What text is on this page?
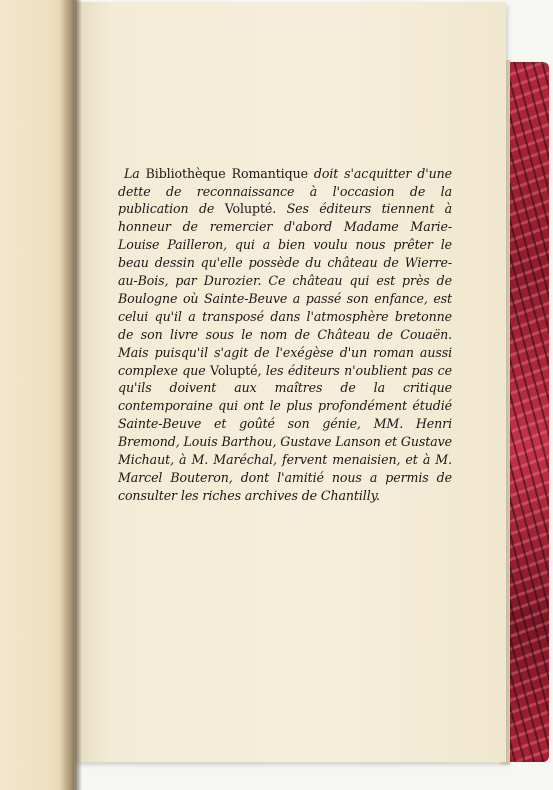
La Bibliothèque Romantique doit s'acquitter d'une dette de reconnaissance à l'occasion de la publication de Volupté. Ses éditeurs tiennent à honneur de remercier d'abord Madame Marie-Louise Pailleron, qui a bien voulu nous prêter le beau dessin qu'elle possède du château de Wierre-au-Bois, par Durozier. Ce château qui est près de Boulogne où Sainte-Beuve a passé son enfance, est celui qu'il a transposé dans l'atmosphère bretonne de son livre sous le nom de Château de Couaën. Mais puisqu'il s'agit de l'exégèse d'un roman aussi complexe que Volupté, les éditeurs n'oublient pas ce qu'ils doivent aux maîtres de la critique contemporaine qui ont le plus profondément étudié Sainte-Beuve et goûté son génie, MM. Henri Bremond, Louis Barthou, Gustave Lanson et Gustave Michaut, à M. Maréchal, fervent menaisien, et à M. Marcel Bouteron, dont l'amitié nous a permis de consulter les riches archives de Chantilly.
